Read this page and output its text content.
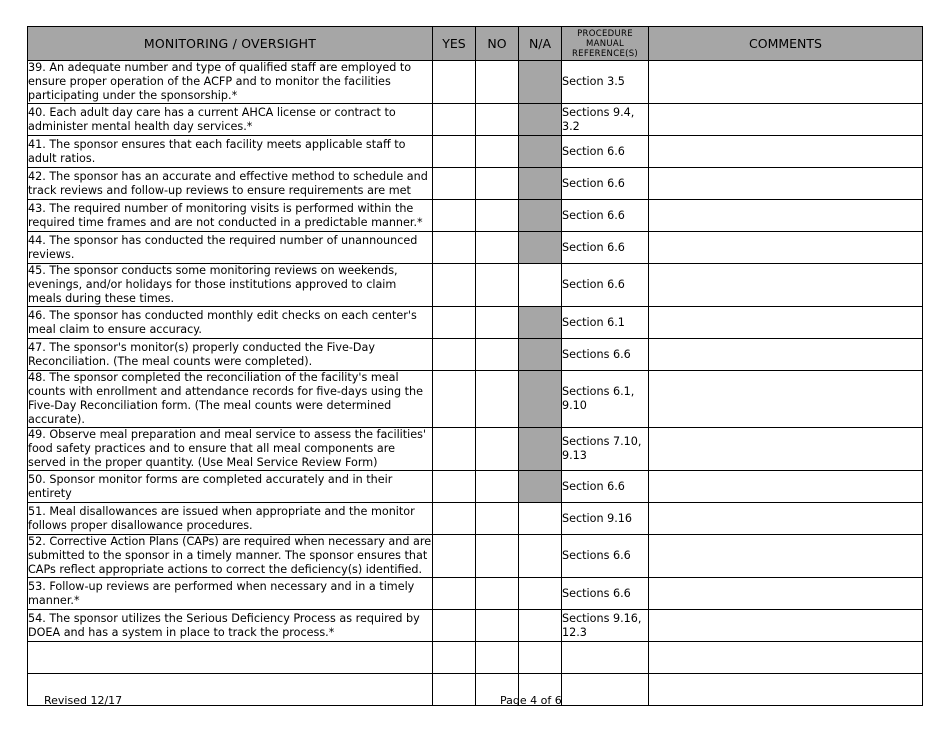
MONITORING / OVERSIGHT	YES	NO	N/A	PROCEDURE
MANUAL
REFERENCE(S)	COMMENTS
39. An adequate number and type of qualified staff are employed to ensure proper operation of the ACFP and to monitor the facilities participating under the sponsorship.*				Section 3.5	
40. Each adult day care has a current AHCA license or contract to administer mental health day services.*				Sections 9.4, 3.2	
41. The sponsor ensures that each facility meets applicable staff to adult ratios.				Section 6.6	
42. The sponsor has an accurate and effective method to schedule and track reviews and follow-up reviews to ensure requirements are met				Section 6.6	
43. The required number of monitoring visits is performed within the required time frames and are not conducted in a predictable manner.*				Section 6.6	
44. The sponsor has conducted the required number of unannounced reviews.				Section 6.6	
45. The sponsor conducts some monitoring reviews on weekends, evenings, and/or holidays for those institutions approved to claim meals during these times.				Section 6.6	
46. The sponsor has conducted monthly edit checks on each center's meal claim to ensure accuracy.				Section 6.1	
47. The sponsor's monitor(s) properly conducted the Five-Day Reconciliation. (The meal counts were completed).				Sections 6.6	
48. The sponsor completed the reconciliation of the facility's meal counts with enrollment and attendance records for five-days using the Five-Day Reconciliation form. (The meal counts were determined accurate).				Sections 6.1, 9.10	
49. Observe meal preparation and meal service to assess the facilities' food safety practices and to ensure that all meal components are served in the proper quantity. (Use Meal Service Review Form)				Sections 7.10, 9.13	
50. Sponsor monitor forms are completed accurately and in their entirety				Section 6.6	
51. Meal disallowances are issued when appropriate and the monitor follows proper disallowance procedures.				Section 9.16	
52. Corrective Action Plans (CAPs) are required when necessary and are submitted to the sponsor in a timely manner. The sponsor ensures that CAPs reflect appropriate actions to correct the deficiency(s) identified.				Sections 6.6	
53. Follow-up reviews are performed when necessary and in a timely manner.*				Sections 6.6	
54. The sponsor utilizes the Serious Deficiency Process as required by DOEA and has a system in place to track the process.*				Sections 9.16, 12.3	

Revised 12/17	Page 4 of 6
